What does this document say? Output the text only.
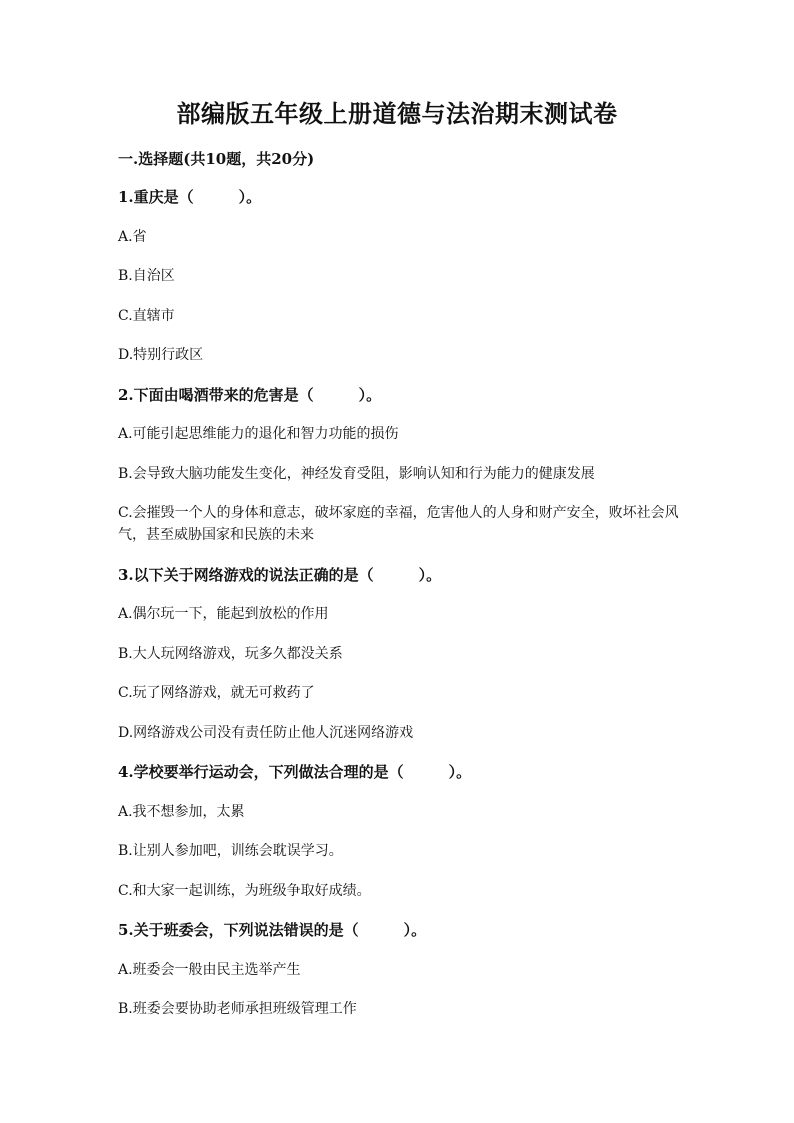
部编版五年级上册道德与法治期末测试卷
一.选择题(共10题，共20分)
1.重庆是（　　　）。
A.省
B.自治区
C.直辖市
D.特别行政区
2.下面由喝酒带来的危害是（　　　）。
A.可能引起思维能力的退化和智力功能的损伤
B.会导致大脑功能发生变化，神经发育受阻，影响认知和行为能力的健康发展
C.会摧毁一个人的身体和意志，破坏家庭的幸福，危害他人的人身和财产安全，败坏社会风气，甚至威胁国家和民族的未来
3.以下关于网络游戏的说法正确的是（　　　）。
A.偶尔玩一下，能起到放松的作用
B.大人玩网络游戏，玩多久都没关系
C.玩了网络游戏，就无可救药了
D.网络游戏公司没有责任防止他人沉迷网络游戏
4.学校要举行运动会，下列做法合理的是（　　　）。
A.我不想参加，太累
B.让别人参加吧，训练会耽误学习。
C.和大家一起训练，为班级争取好成绩。
5.关于班委会，下列说法错误的是（　　　）。
A.班委会一般由民主选举产生
B.班委会要协助老师承担班级管理工作
